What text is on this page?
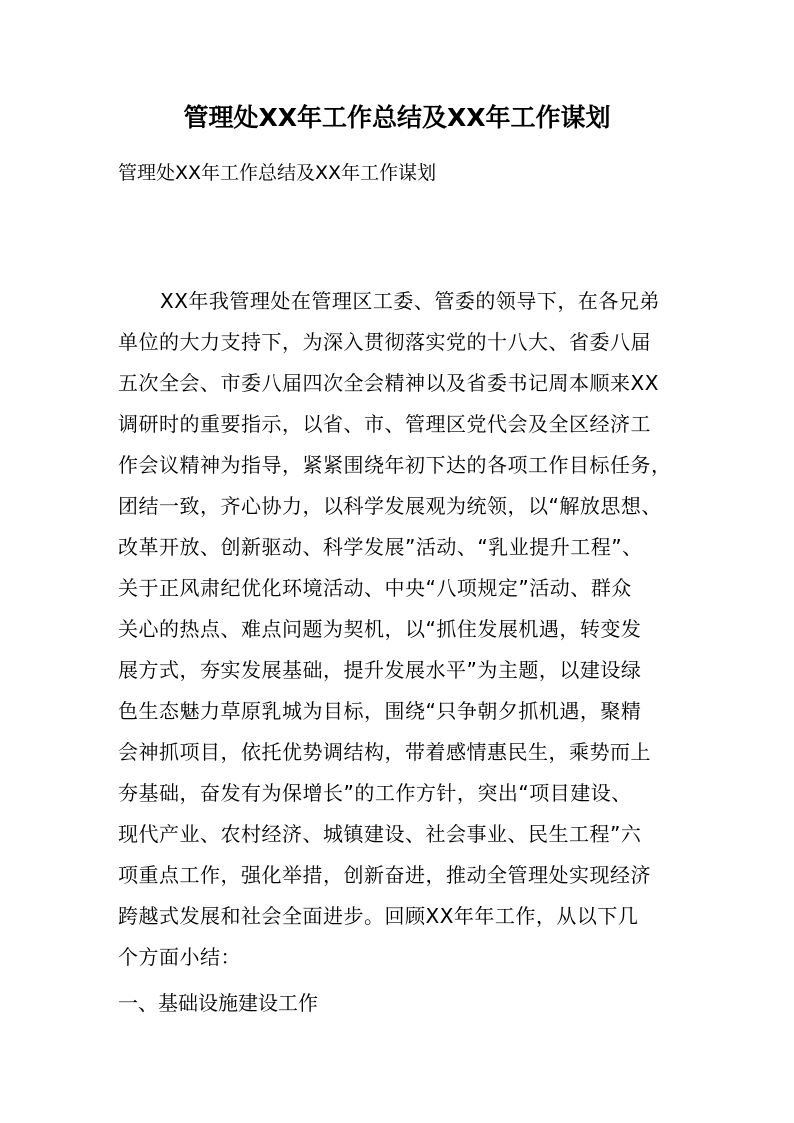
管理处XX年工作总结及XX年工作谋划
管理处XX年工作总结及XX年工作谋划
XX年我管理处在管理区工委、管委的领导下，在各兄弟
单位的大力支持下，为深入贯彻落实党的十八大、省委八届
五次全会、市委八届四次全会精神以及省委书记周本顺来XX
调研时的重要指示，以省、市、管理区党代会及全区经济工
作会议精神为指导，紧紧围绕年初下达的各项工作目标任务，
团结一致，齐心协力，以科学发展观为统领，以“解放思想、
改革开放、创新驱动、科学发展”活动、“乳业提升工程”、
关于正风肃纪优化环境活动、中央“八项规定”活动、群众
关心的热点、难点问题为契机，以“抓住发展机遇，转变发
展方式，夯实发展基础，提升发展水平”为主题，以建设绿
色生态魅力草原乳城为目标，围绕“只争朝夕抓机遇，聚精
会神抓项目，依托优势调结构，带着感情惠民生，乘势而上
夯基础，奋发有为保增长”的工作方针，突出“项目建设、
现代产业、农村经济、城镇建设、社会事业、民生工程”六
项重点工作，强化举措，创新奋进，推动全管理处实现经济
跨越式发展和社会全面进步。回顾XX年年工作，从以下几
个方面小结：
一、基础设施建设工作
